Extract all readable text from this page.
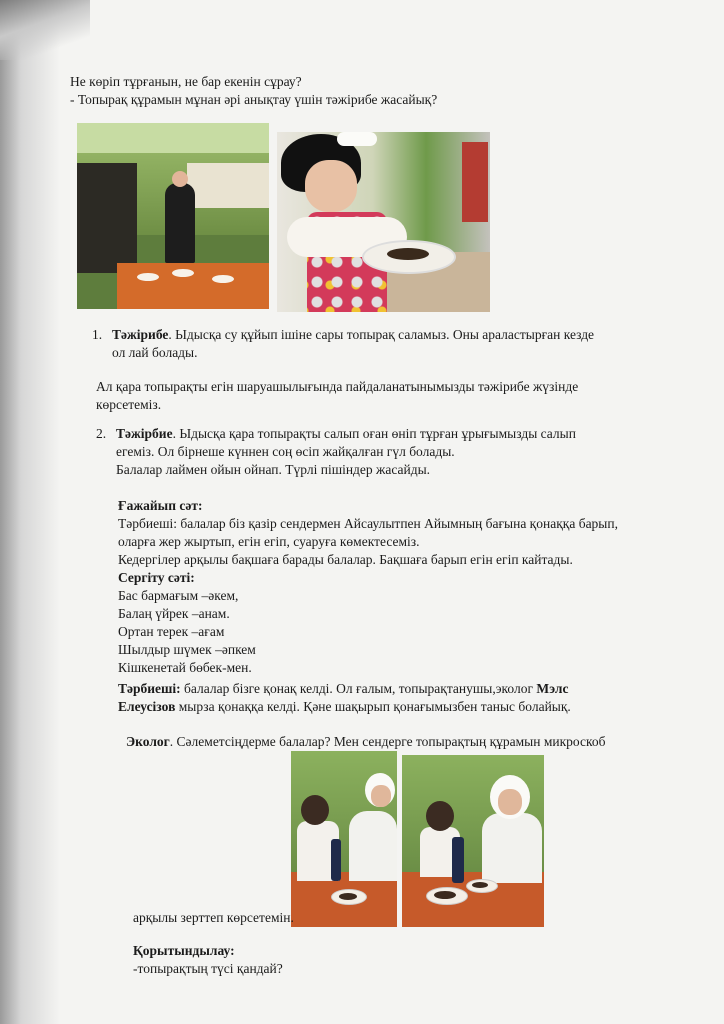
Не көріп тұрғанын, не бар екенін сұрау?
- Топырақ құрамын мұнан әрі анықтау үшін тәжірибе жасайық?
1. Тәжірибе. Ыдысқа су құйып ішіне сары топырақ саламыз. Оны араластырған кезде
ол лай болады.
Ал қара топырақты егін шаруашылығында пайдаланатынымызды тәжірибе жүзінде
көрсетеміз.
2. Тәжірбие. Ыдысқа қара топырақты салып оған өніп тұрған ұрығымызды салып
егеміз. Ол бірнеше күннен соң өсіп жайқалған гүл болады.
Балалар лаймен ойын ойнап. Түрлі пішіндер жасайды.
Ғажайып сәт:
Тәрбиеші: балалар біз қазір сендермен Айсаулытпен Айымның бағына қонаққа барып,
оларға жер жыртып, егін егіп, суаруға көмектесеміз.
Кедергілер арқылы бақшаға барады балалар. Бақшаға барып егін егіп кайтады.
Сергіту сәті:
Бас бармағым –әкем,
Балаң үйрек –анам.
Ортан терек –ағам
Шылдыр шүмек –әпкем
Кішкенетай бөбек-мен.
Тәрбиеші: балалар бізге қонақ келді. Ол ғалым, топырақтанушы,эколог Мэлс
Елеусізов мырза қонаққа келді. Қәне шақырып қонағымызбен таныс болайық.
Эколог. Сәлеметсіңдерме балалар? Мен сендерге топырақтың құрамын микроскоб
арқылы зерттеп көрсетемін.
Қорытындылау:
-топырақтың түсі қандай?
